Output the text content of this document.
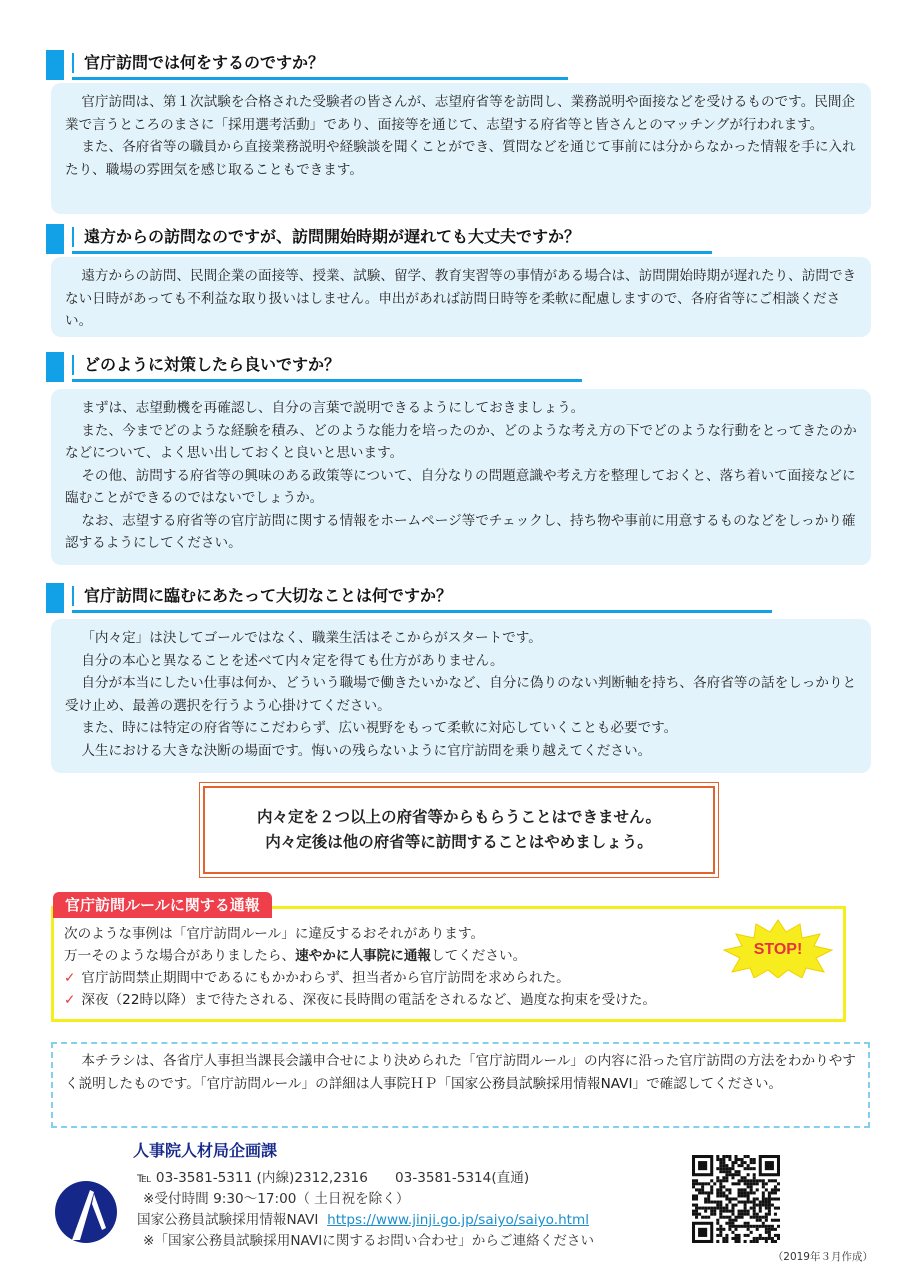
官庁訪問では何をするのですか？

官庁訪問は、第１次試験を合格された受験者の皆さんが、志望府省等を訪問し、業務説明や面接などを受けるものです。民間企業で言うところのまさに「採用選考活動」であり、面接等を通じて、志望する府省等と皆さんとのマッチングが行われます。

また、各府省等の職員から直接業務説明や経験談を聞くことができ、質問などを通じて事前には分からなかった情報を手に入れたり、職場の雰囲気を感じ取ることもできます。

遠方からの訪問なのですが、訪問開始時期が遅れても大丈夫ですか？

遠方からの訪問、民間企業の面接等、授業、試験、留学、教育実習等の事情がある場合は、訪問開始時期が遅れたり、訪問できない日時があっても不利益な取り扱いはしません。申出があれば訪問日時等を柔軟に配慮しますので、各府省等にご相談ください。

どのように対策したら良いですか？

まずは、志望動機を再確認し、自分の言葉で説明できるようにしておきましょう。

また、今までどのような経験を積み、どのような能力を培ったのか、どのような考え方の下でどのような行動をとってきたのかなどについて、よく思い出しておくと良いと思います。

その他、訪問する府省等の興味のある政策等について、自分なりの問題意識や考え方を整理しておくと、落ち着いて面接などに臨むことができるのではないでしょうか。

なお、志望する府省等の官庁訪問に関する情報をホームページ等でチェックし、持ち物や事前に用意するものなどをしっかり確認するようにしてください。

官庁訪問に臨むにあたって大切なことは何ですか？

「内々定」は決してゴールではなく、職業生活はそこからがスタートです。

自分の本心と異なることを述べて内々定を得ても仕方がありません。

自分が本当にしたい仕事は何か、どういう職場で働きたいかなど、自分に偽りのない判断軸を持ち、各府省等の話をしっかりと受け止め、最善の選択を行うよう心掛けてください。

また、時には特定の府省等にこだわらず、広い視野をもって柔軟に対応していくことも必要です。

人生における大きな決断の場面です。悔いの残らないように官庁訪問を乗り越えてください。

内々定を２つ以上の府省等からもらうことはできません。
内々定後は他の府省等に訪問することはやめましょう。
官庁訪問ルールに関する通報
次のような事例は「官庁訪問ルール」に違反するおそれがあります。
万一そのような場合がありましたら、速やかに人事院に通報してください。
✓ 官庁訪問禁止期間中であるにもかかわらず、担当者から官庁訪問を求められた。
✓ 深夜（22時以降）まで待たされる、深夜に長時間の電話をされるなど、過度な拘束を受けた。
STOP!

本チラシは、各省庁人事担当課長会議申合せにより決められた「官庁訪問ルール」の内容に沿った官庁訪問の方法をわかりやすく説明したものです。「官庁訪問ルール」の詳細は人事院ＨＰ「国家公務員試験採用情報NAVI」で確認してください。

人事院人材局企画課
℡ 03-3581-5311 (内線)2312,2316　　03-3581-5314(直通)
※受付時間 9:30～17:00（ 土日祝を除く）
国家公務員試験採用情報NAVI https://www.jinji.go.jp/saiyo/saiyo.html
※「国家公務員試験採用NAVIに関するお問い合わせ」からご連絡ください
（2019年３月作成）
